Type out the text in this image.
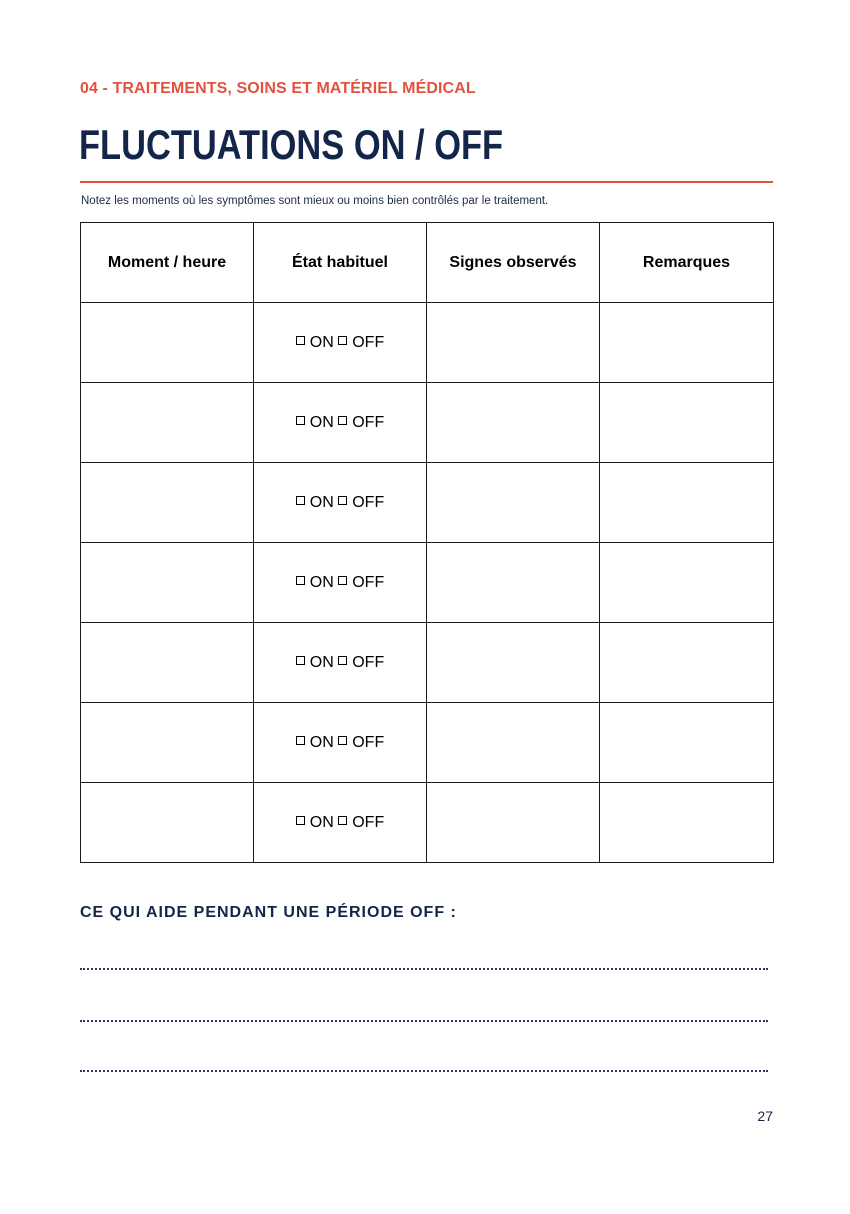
04 - TRAITEMENTS, SOINS ET MATÉRIEL MÉDICAL

FLUCTUATIONS ON / OFF

Notez les moments où les symptômes sont mieux ou moins bien contrôlés par le traitement.

Moment / heure	État habituel	Signes observés	Remarques
	ON OFF		
	ON OFF		
	ON OFF		
	ON OFF		
	ON OFF		
	ON OFF		
	ON OFF		
CE QUI AIDE PENDANT UNE PÉRIODE OFF :

27
